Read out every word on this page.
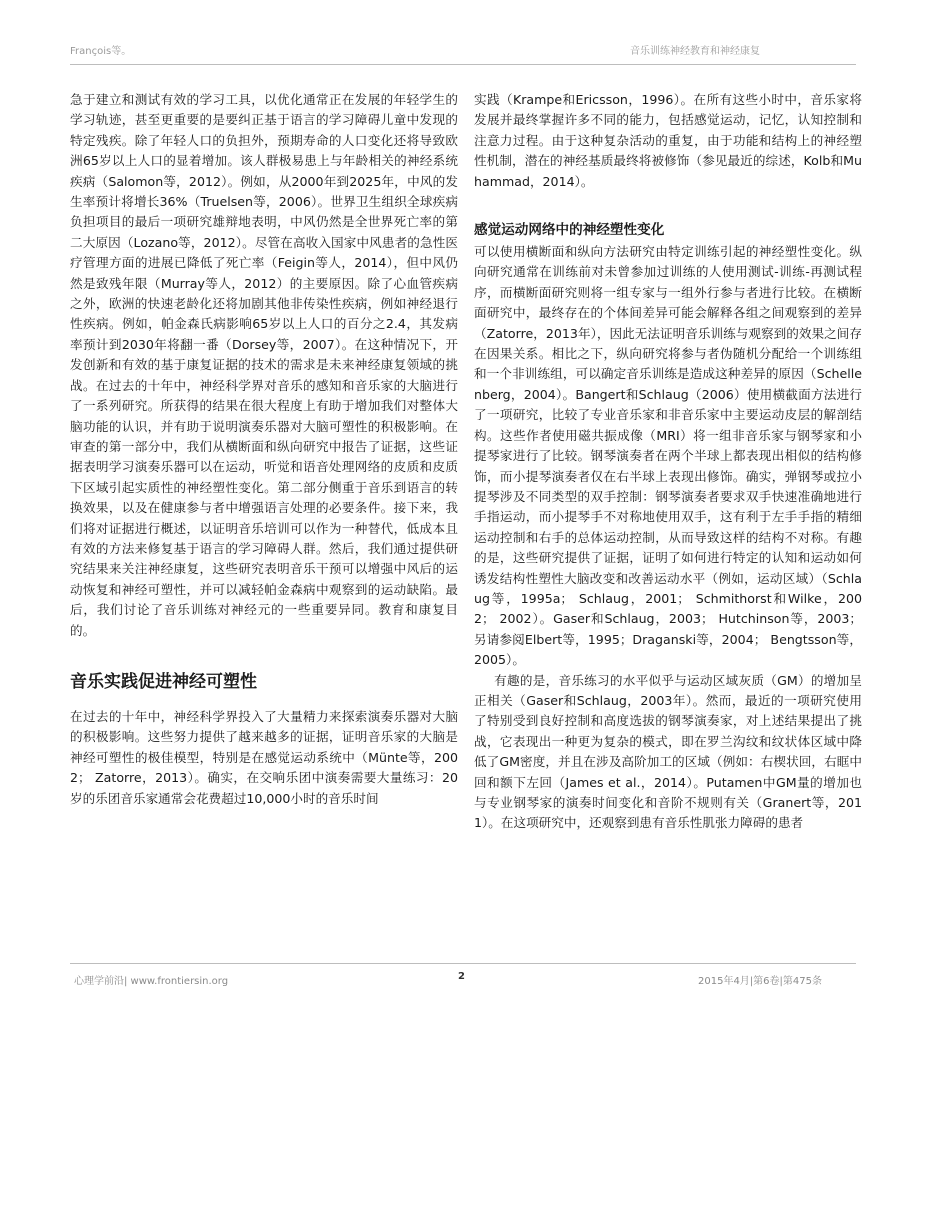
François等。	音乐训练神经教育和神经康复

急于建立和测试有效的学习工具，以优化通常正在发展的年轻学生的学习轨迹，甚至更重要的是要纠正基于语言的学习障碍儿童中发现的特定残疾。除了年轻人口的负担外，预期寿命的人口变化还将导致欧洲65岁以上人口的显着增加。该人群极易患上与年龄相关的神经系统疾病（Salomon等，2012）。例如，从2000年到2025年，中风的发生率预计将增长36%（Truelsen等，2006）。世界卫生组织全球疾病负担项目的最后一项研究雄辩地表明，中风仍然是全世界死亡率的第二大原因（Lozano等，2012）。尽管在高收入国家中风患者的急性医疗管理方面的进展已降低了死亡率（Feigin等人，2014），但中风仍然是致残年限（Murray等人，2012）的主要原因。除了心血管疾病之外，欧洲的快速老龄化还将加剧其他非传染性疾病，例如神经退行性疾病。例如，帕金森氏病影响65岁以上人口的百分之2.4，其发病率预计到2030年将翻一番（Dorsey等，2007）。在这种情况下，开发创新和有效的基于康复证据的技术的需求是未来神经康复领域的挑战。在过去的十年中，神经科学界对音乐的感知和音乐家的大脑进行了一系列研究。所获得的结果在很大程度上有助于增加我们对整体大脑功能的认识，并有助于说明演奏乐器对大脑可塑性的积极影响。在审查的第一部分中，我们从横断面和纵向研究中报告了证据，这些证据表明学习演奏乐器可以在运动，听觉和语音处理网络的皮质和皮质下区域引起实质性的神经塑性变化。第二部分侧重于音乐到语言的转换效果，以及在健康参与者中增强语言处理的必要条件。接下来，我们将对证据进行概述，以证明音乐培训可以作为一种替代，低成本且有效的方法来修复基于语言的学习障碍人群。然后，我们通过提供研究结果来关注神经康复，这些研究表明音乐干预可以增强中风后的运动恢复和神经可塑性，并可以减轻帕金森病中观察到的运动缺陷。最后，我们讨论了音乐训练对神经元的一些重要异同。教育和康复目的。

音乐实践促进神经可塑性

在过去的十年中，神经科学界投入了大量精力来探索演奏乐器对大脑的积极影响。这些努力提供了越来越多的证据，证明音乐家的大脑是神经可塑性的极佳模型，特别是在感觉运动系统中（Münte等，2002； Zatorre，2013）。确实，在交响乐团中演奏需要大量练习：20岁的乐团音乐家通常会花费超过10,000小时的音乐时间

实践（Krampe和Ericsson，1996）。在所有这些小时中，音乐家将发展并最终掌握许多不同的能力，包括感觉运动，记忆，认知控制和注意力过程。由于这种复杂活动的重复，由于功能和结构上的神经塑性机制，潜在的神经基质最终将被修饰（参见最近的综述，Kolb和Muhammad，2014）。

感觉运动网络中的神经塑性变化

可以使用横断面和纵向方法研究由特定训练引起的神经塑性变化。纵向研究通常在训练前对未曾参加过训练的人使用测试-训练-再测试程序，而横断面研究则将一组专家与一组外行参与者进行比较。在横断面研究中，最终存在的个体间差异可能会解释各组之间观察到的差异（Zatorre，2013年），因此无法证明音乐训练与观察到的效果之间存在因果关系。相比之下，纵向研究将参与者伪随机分配给一个训练组和一个非训练组，可以确定音乐训练是造成这种差异的原因（Schellenberg，2004）。Bangert和Schlaug（2006）使用横截面方法进行了一项研究，比较了专业音乐家和非音乐家中主要运动皮层的解剖结构。这些作者使用磁共振成像（MRI）将一组非音乐家与钢琴家和小提琴家进行了比较。钢琴演奏者在两个半球上都表现出相似的结构修饰，而小提琴演奏者仅在右半球上表现出修饰。确实，弹钢琴或拉小提琴涉及不同类型的双手控制：钢琴演奏者要求双手快速准确地进行手指运动，而小提琴手不对称地使用双手，这有利于左手手指的精细运动控制和右手的总体运动控制，从而导致这样的结构不对称。有趣的是，这些研究提供了证据，证明了如何进行特定的认知和运动如何诱发结构性塑性大脑改变和改善运动水平（例如，运动区域）（Schlaug等，1995a； Schlaug，2001； Schmithorst和Wilke，2002； 2002）。Gaser和Schlaug，2003； Hutchinson等，2003；另请参阅Elbert等，1995；Draganski等，2004； Bengtsson等，2005）。

有趣的是，音乐练习的水平似乎与运动区域灰质（GM）的增加呈正相关（Gaser和Schlaug，2003年）。然而，最近的一项研究使用了特别受到良好控制和高度选拔的钢琴演奏家，对上述结果提出了挑战，它表现出一种更为复杂的模式，即在罗兰沟纹和纹状体区域中降低了GM密度，并且在涉及高阶加工的区域（例如：右楔状回，右眶中回和额下左回（James et al.，2014）。Putamen中GM量的增加也与专业钢琴家的演奏时间变化和音阶不规则有关（Granert等，2011）。在这项研究中，还观察到患有音乐性肌张力障碍的患者

心理学前沿| www.frontiersin.org	2	2015年4月|第6卷|第475条
